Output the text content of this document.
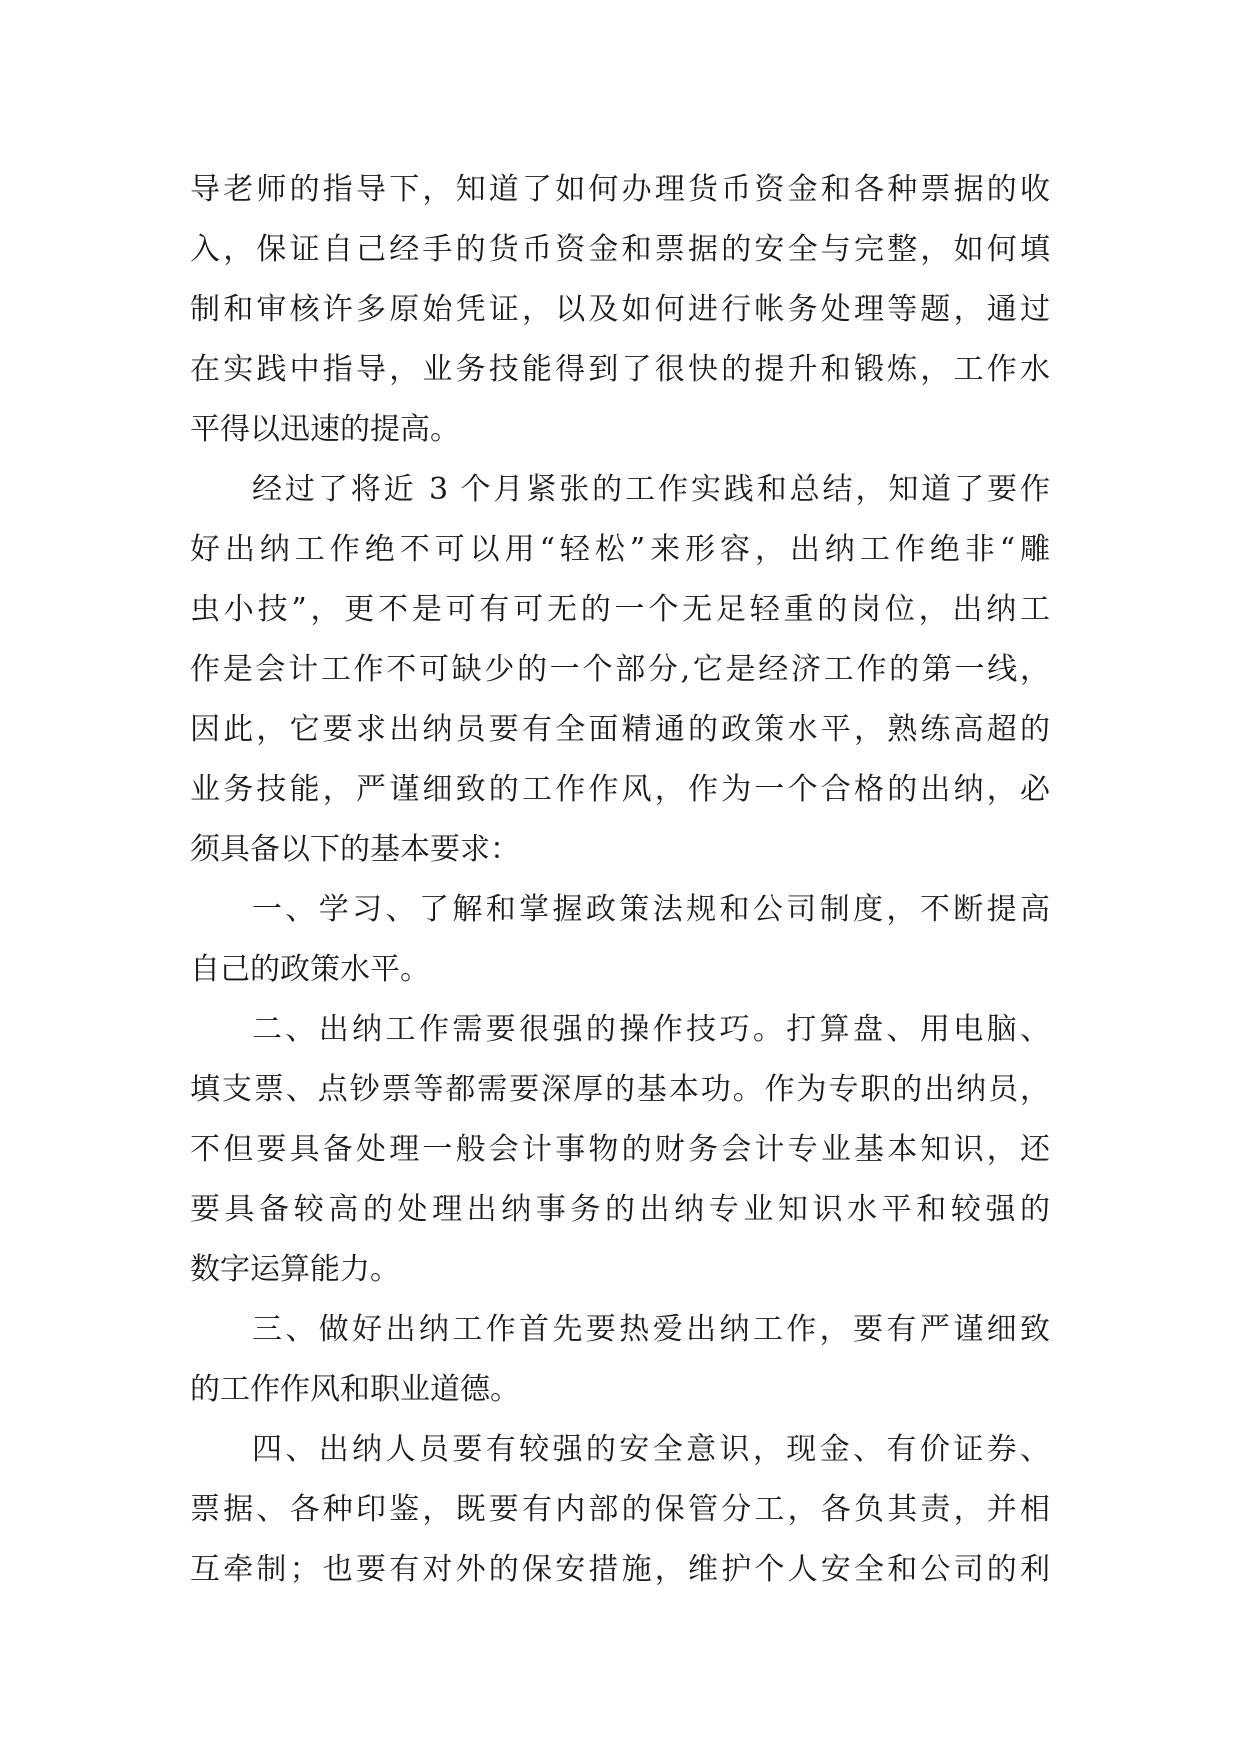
导老师的指导下，知道了如何办理货币资金和各种票据的收
入，保证自己经手的货币资金和票据的安全与完整，如何填
制和审核许多原始凭证，以及如何进行帐务处理等题，通过
在实践中指导，业务技能得到了很快的提升和锻炼，工作水
平得以迅速的提高。
经过了将近 3 个月紧张的工作实践和总结，知道了要作
好出纳工作绝不可以用“轻松”来形容，出纳工作绝非“雕
虫小技”，更不是可有可无的一个无足轻重的岗位，出纳工
作是会计工作不可缺少的一个部分,它是经济工作的第一线，
因此，它要求出纳员要有全面精通的政策水平，熟练高超的
业务技能，严谨细致的工作作风，作为一个合格的出纳，必
须具备以下的基本要求：
一、学习、了解和掌握政策法规和公司制度，不断提高
自己的政策水平。
二、出纳工作需要很强的操作技巧。打算盘、用电脑、
填支票、点钞票等都需要深厚的基本功。作为专职的出纳员，
不但要具备处理一般会计事物的财务会计专业基本知识，还
要具备较高的处理出纳事务的出纳专业知识水平和较强的
数字运算能力。
三、做好出纳工作首先要热爱出纳工作，要有严谨细致
的工作作风和职业道德。
四、出纳人员要有较强的安全意识，现金、有价证券、
票据、各种印鉴，既要有内部的保管分工，各负其责，并相
互牵制；也要有对外的保安措施，维护个人安全和公司的利
